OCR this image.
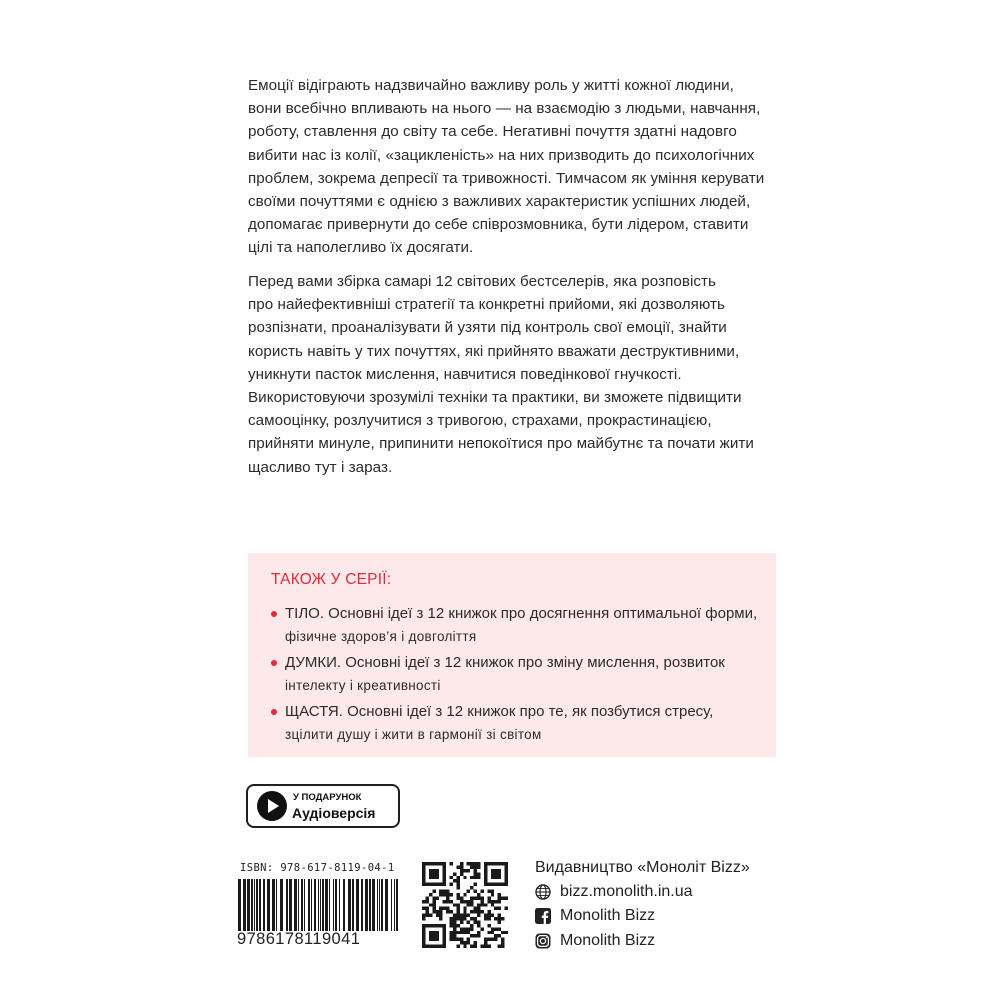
Емоції відіграють надзвичайно важливу роль у житті кожної людини,
вони всебічно впливають на нього — на взаємодію з людьми, навчання,
роботу, ставлення до світу та себе. Негативні почуття здатні надовго
вибити нас із колії, «зацикленість» на них призводить до психологічних
проблем, зокрема депресії та тривожності. Тимчасом як уміння керувати
своїми почуттями є однією з важливих характеристик успішних людей,
допомагає привернути до себе співрозмовника, бути лідером, ставити
цілі та наполегливо їх досягати.
Перед вами збірка самарі 12 світових бестселерів, яка розповість
про найефективніші стратегії та конкретні прийоми, які дозволяють
розпізнати, проаналізувати й узяти під контроль свої емоції, знайти
користь навіть у тих почуттях, які прийнято вважати деструктивними,
уникнути пасток мислення, навчитися поведінкової гнучкості.
Використовуючи зрозумілі техніки та практики, ви зможете підвищити
самооцінку, розлучитися з тривогою, страхами, прокрастинацією,
прийняти минуле, припинити непокоїтися про майбутнє та почати жити
щасливо тут і зараз.
ТАКОЖ У СЕРІЇ:
ТІЛО. Основні ідеї з 12 книжок про досягнення оптимальної форми,
фізичне здоров’я і довголіття
ДУМКИ. Основні ідеї з 12 книжок про зміну мислення, розвиток
інтелекту і креативності
ЩАСТЯ. Основні ідеї з 12 книжок про те, як позбутися стресу,
зцілити душу і жити в гармонії зі світом
У ПОДАРУНОК
Аудіоверсія
ISBN: 978-617-8119-04-1
9786178119041
Видавництво «Моноліт Bizz»
bizz.monolith.in.ua
Monolith Bizz
Monolith Bizz
